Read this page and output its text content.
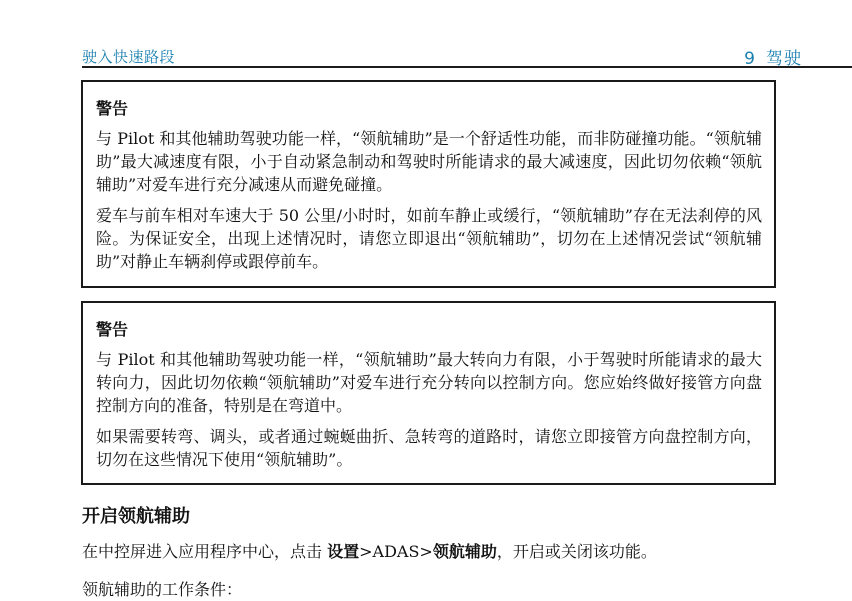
驶入快速路段	9 驾驶
警告

与 Pilot 和其他辅助驾驶功能一样，“领航辅助”是一个舒适性功能，而非防碰撞功能。“领航辅助”最大减速度有限，小于自动紧急制动和驾驶时所能请求的最大减速度，因此切勿依赖“领航辅助”对爱车进行充分减速从而避免碰撞。

爱车与前车相对车速大于 50 公里/小时时，如前车静止或缓行，“领航辅助”存在无法刹停的风险。为保证安全，出现上述情况时，请您立即退出“领航辅助”，切勿在上述情况尝试“领航辅助”对静止车辆刹停或跟停前车。

警告

与 Pilot 和其他辅助驾驶功能一样，“领航辅助”最大转向力有限，小于驾驶时所能请求的最大转向力，因此切勿依赖“领航辅助”对爱车进行充分转向以控制方向。您应始终做好接管方向盘控制方向的准备，特别是在弯道中。

如果需要转弯、调头，或者通过蜿蜒曲折、急转弯的道路时，请您立即接管方向盘控制方向，切勿在这些情况下使用“领航辅助”。

开启领航辅助
在中控屏进入应用程序中心，点击 设置>ADAS>领航辅助，开启或关闭该功能。
领航辅助的工作条件：
